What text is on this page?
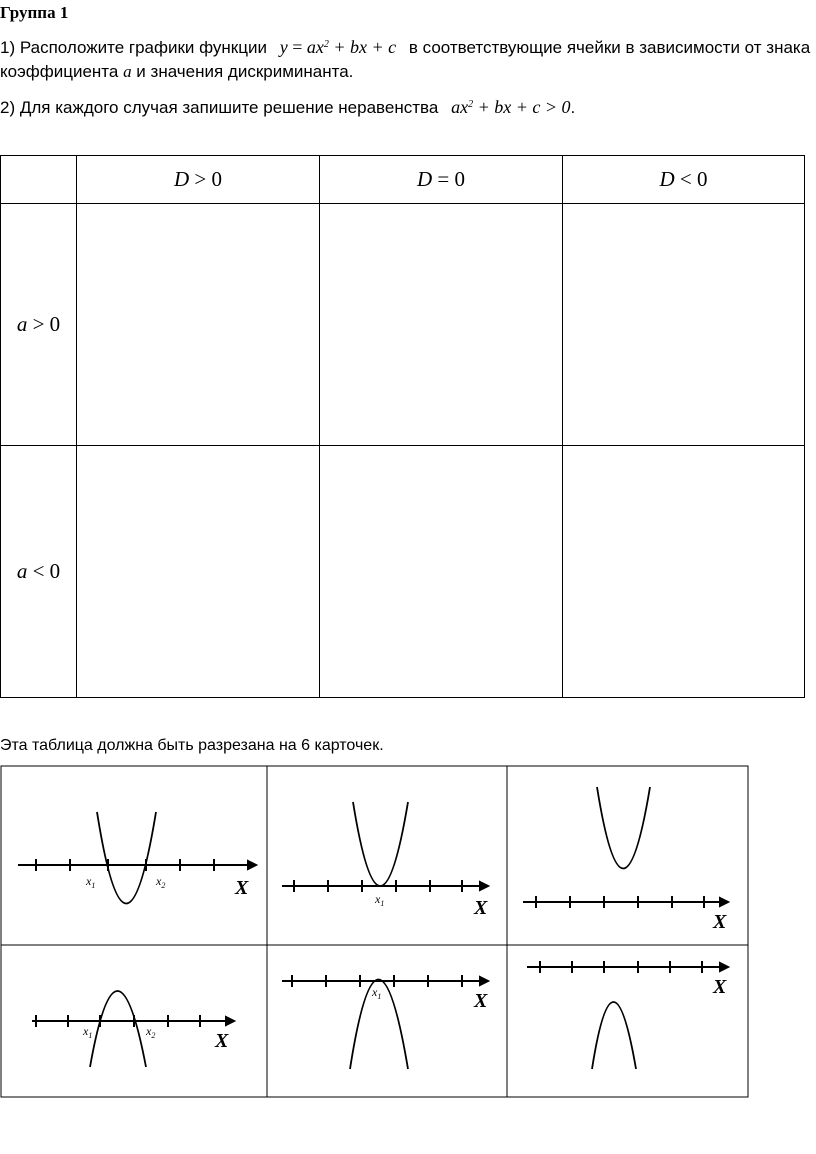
Группа 1
1) Расположите графики функции $y = ax^2$ + bx + c в соответствующие ячейки в зависимости от знака
коэффициента a и значения дискриминанта.
2) Для каждого случая запишите решение неравенства $ax^2$ + bx + c > 0.
	D > 0	D = 0	D < 0
a > 0			
a < 0			
Эта таблица должна быть разрезана на 6 карточек.
$x_1$	$x_2$	X	$x_1$	X
X
$x_1$	$x_2$	X
$x_1$	X
X
